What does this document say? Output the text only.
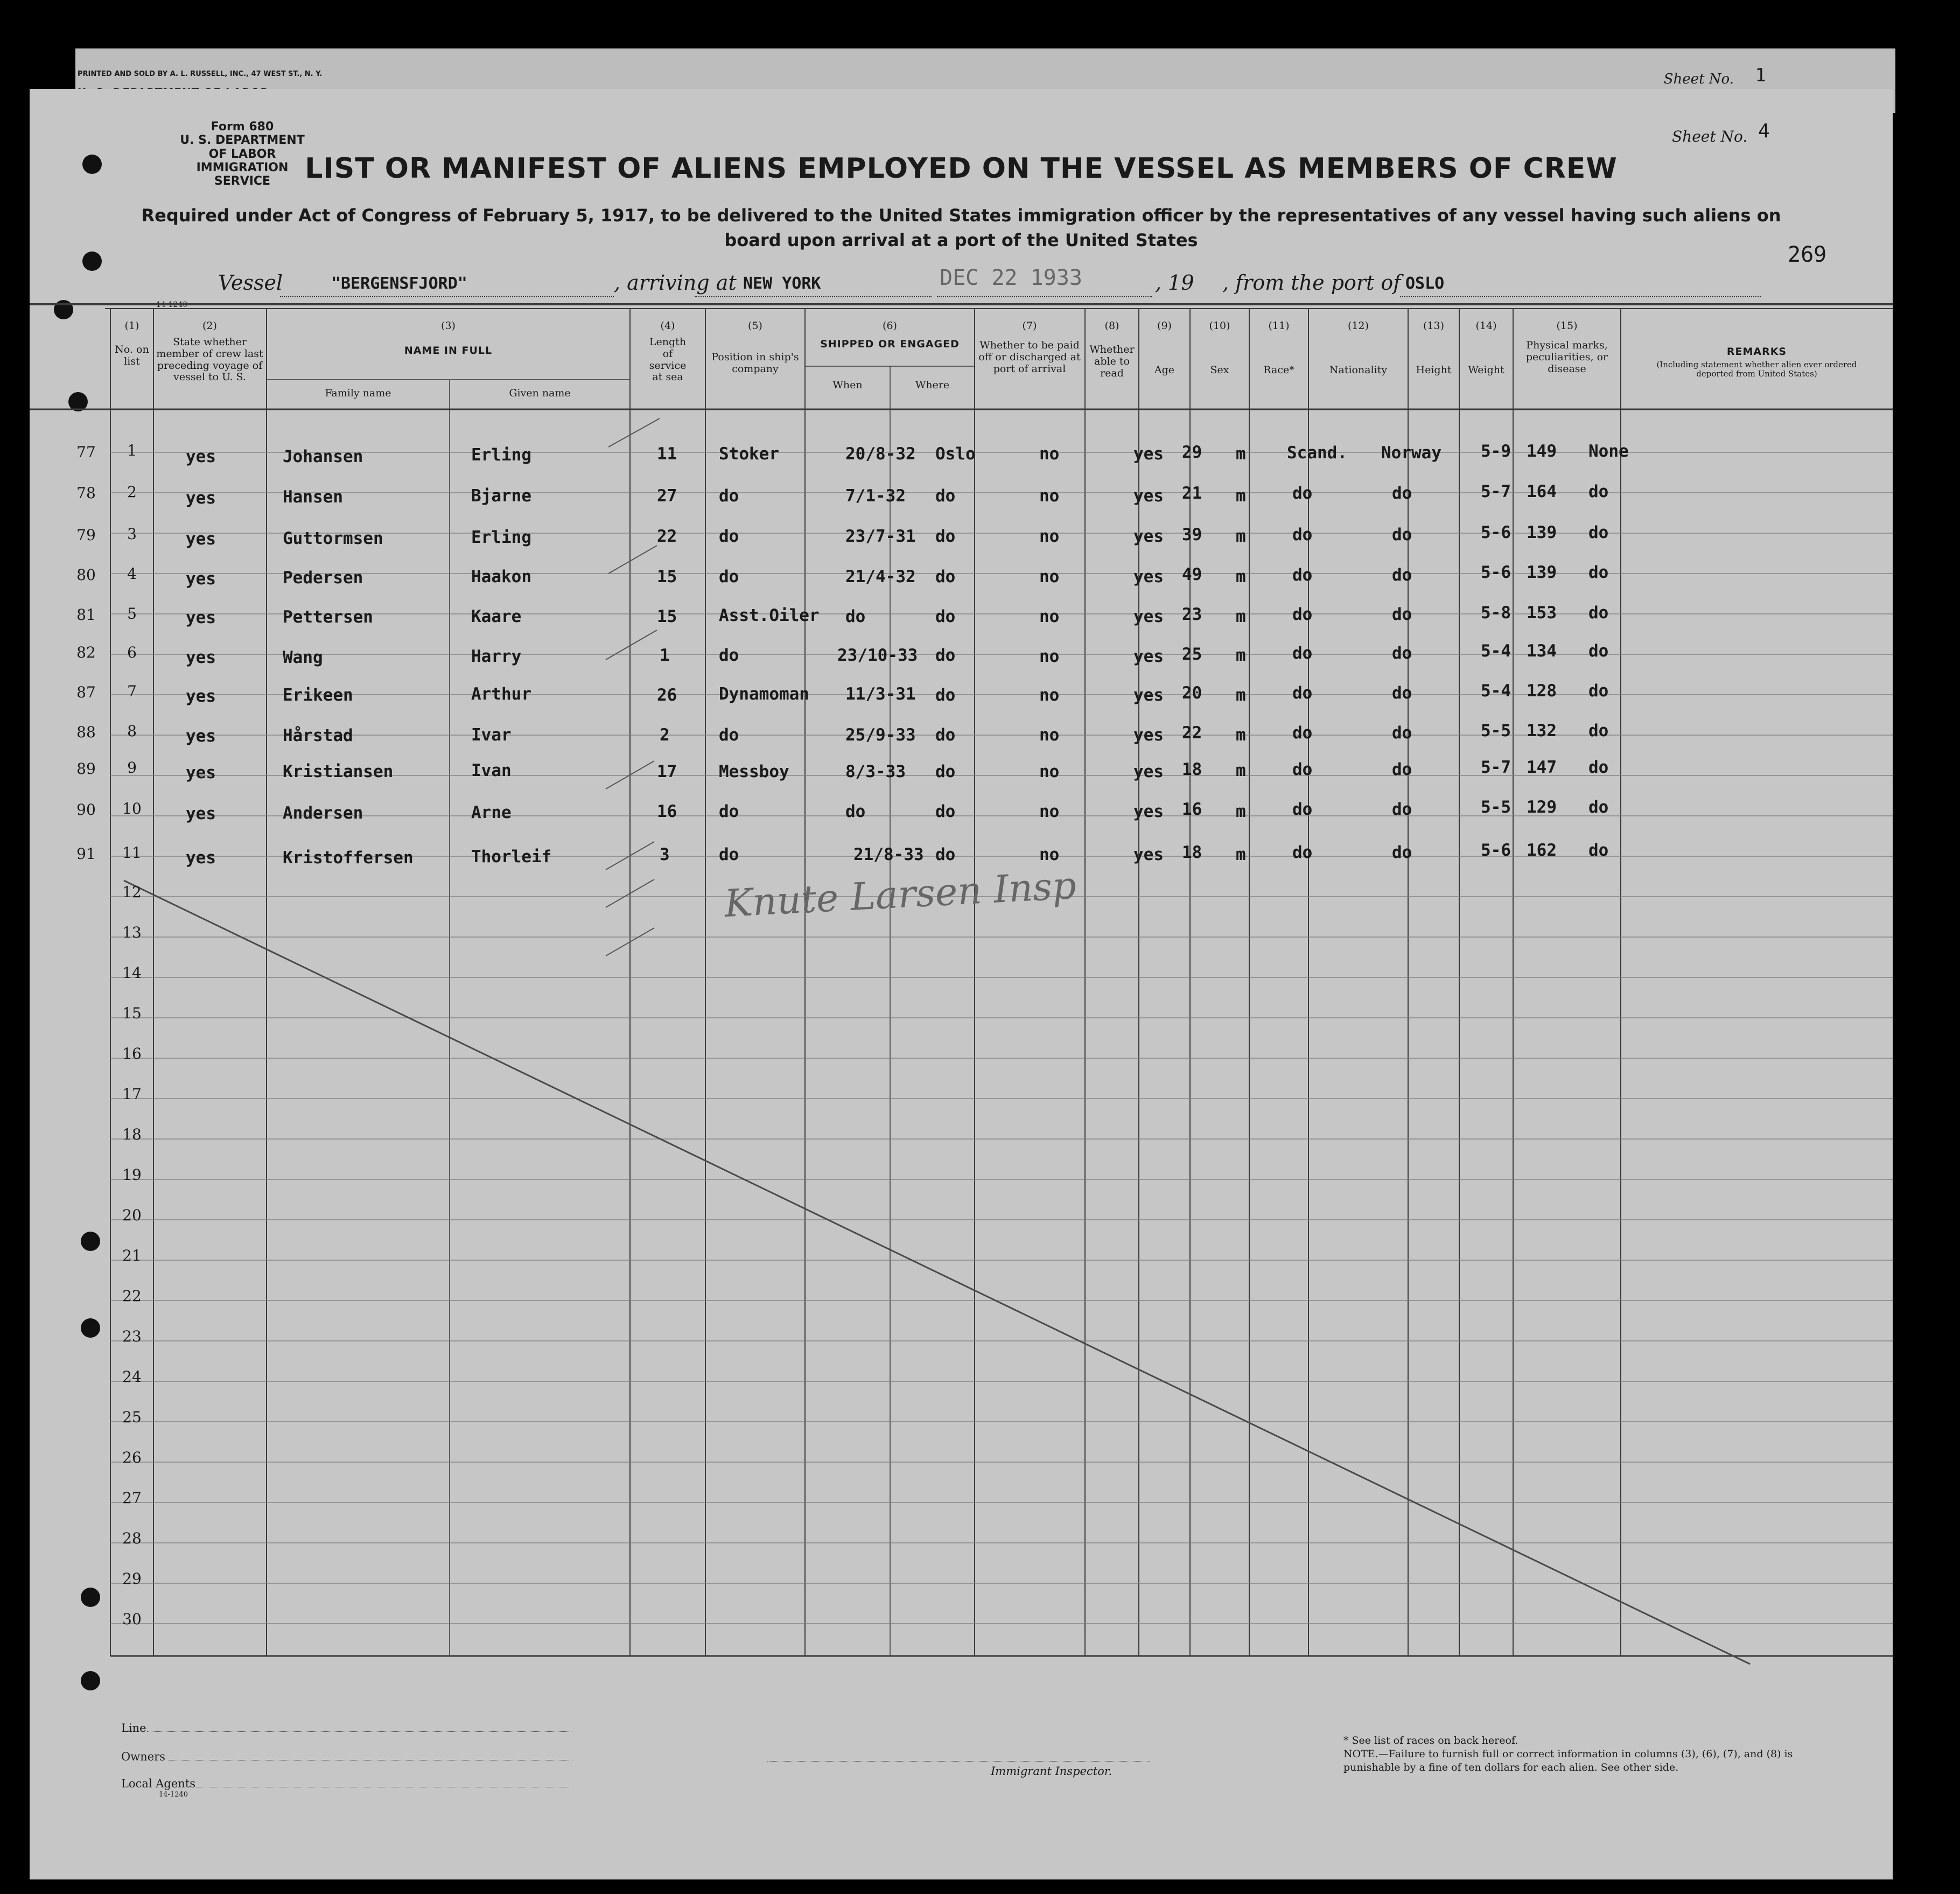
PRINTED AND SOLD BY A. L. RUSSELL, INC., 47 WEST ST., N. Y.	Sheet No. 1
Form 680
U. S. DEPARTMENT OF LABOR
IMMIGRATION SERVICE
Sheet No. 4
LIST OR MANIFEST OF ALIENS EMPLOYED ON THE VESSEL AS MEMBERS OF CREW
Required under Act of Congress of February 5, 1917, to be delivered to the United States immigration officer by the representatives of any vessel having such aliens on board upon arrival at a port of the United States
269
Vessel	"BERGENSFJORD"	, arriving at NEW YORK	DEC 22 1933	, 19 , from the port of OSLO
14-1240
(1)
No. on list
(2)
State whether member of crew last preceding voyage of vessel to U. S.
(3)
NAME IN FULL
Family name	Given name
(4)
Length of service at sea
(5)
Position in ship's company
(6)
SHIPPED OR ENGAGED
When	Where
(7)
Whether to be paid off or discharged at port of arrival
(8)
Whether able to read
(9)
Age
(10)
Sex
(11)
Race*
(12)
Nationality
(13)
Height
(14)
Weight
(15)
Physical marks, peculiarities, or disease
REMARKS
(Including statement whether alien ever ordered deported from United States)
77	1	yes	Johansen	Erling	11	Stoker	20/8-32 Oslo	no	yes 29 m Scand. Norway 5-9 149 None
78	2	yes	Hansen	Bjarne	27	do	7/1-32 do	no	yes 21 m	do	do	5-7 164 do
79	3	yes	Guttormsen	Erling	22	do	23/7-31 do	no	yes 39 m	do	do	5-6 139 do
80	4	yes	Pedersen	Haakon	15	do	21/4-32 do	no	yes 49 m	do	do	5-6 139 do
81	5	yes	Pettersen	Kaare	15	Asst.Oiler do	do	no	yes 23 m	do	do	5-8 153 do
82	6	yes	Wang	Harry	1	do	23/10-33 do	no	yes 25 m	do	do	5-4 134 do
87	7	yes	Erikeen	Arthur	26	Dynamoman 11/3-31 do	no	yes 20 m	do	do	5-4 128 do
88	8	yes	Hårstad	Ivar	2	do	25/9-33 do	no	yes 22 m	do	do	5-5 132 do
89	9	yes	Kristiansen	Ivan	17	Messboy	8/3-33 do	no	yes 18 m	do	do	5-7 147 do
90	10	yes	Andersen	Arne	16	do	do	do	no	yes 16 m	do	do	5-5 129 do
91	11	yes	Kristoffersen	Thorleif	3	do	21/8-33 do	no	yes 18 m	do	do	5-6 162 do
12
13
14
15
16
17
18
19
20
21
22
23
24
25
26
27
28
29
30
Knute Larsen Insp
Line
Owners
Local Agents
14-1240
Immigrant Inspector.
* See list of races on back hereof.
NOTE.—Failure to furnish full or correct information in columns (3), (6), (7), and (8) is punishable by a fine of ten dollars for each alien. See other side.
